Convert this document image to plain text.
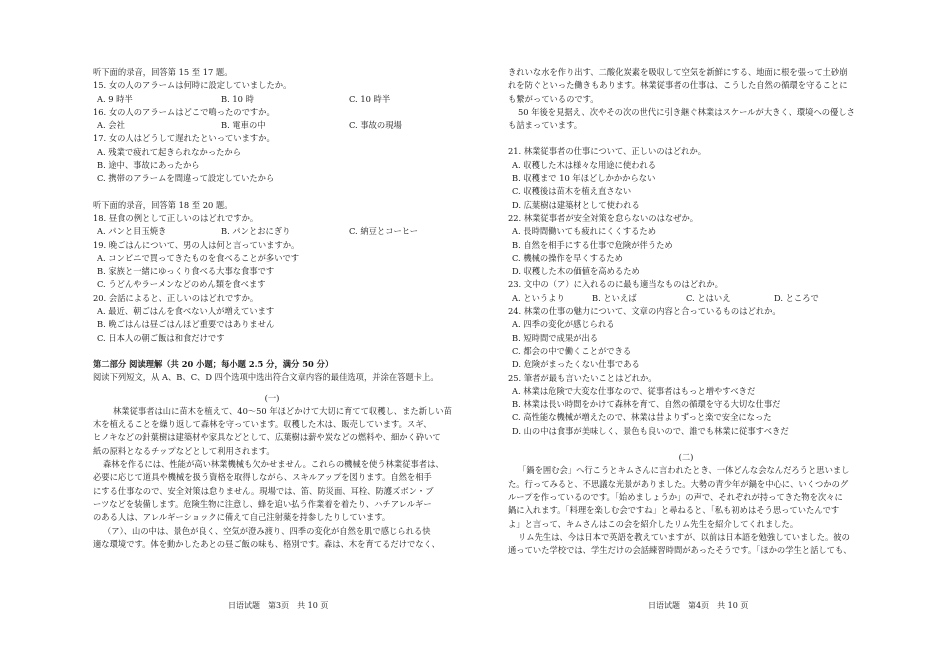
听下面的录音，回答第 15 至 17 题。
15. 女の人のアラームは何時に設定していましたか。
A. 9 時半	B. 10 時	C. 10 時半
16. 女の人のアラームはどこで鳴ったのですか。
A. 会社	B. 電車の中	C. 事故の現場
17. 女の人はどうして遅れたといっていますか。
A. 残業で疲れて起きられなかったから
B. 途中、事故にあったから
C. 携帯のアラームを間違って設定していたから
听下面的录音，回答第 18 至 20 题。
18. 昼食の例として正しいのはどれですか。
A. パンと目玉焼き	B. パンとおにぎり	C. 納豆とコーヒー
19. 晩ごはんについて、男の人は何と言っていますか。
A. コンビニで買ってきたものを食べることが多いです
B. 家族と一緒にゆっくり食べる大事な食事です
C. うどんやラーメンなどのめん類を食べます
20. 会話によると、正しいのはどれですか。
A. 最近、朝ごはんを食べない人が増えています
B. 晩ごはんは昼ごはんほど重要ではありません
C. 日本人の朝ご飯は和食だけです
第二部分 阅读理解（共 20 小题；每小题 2.5 分，满分 50 分）
阅读下列短文，从 A、B、C、D 四个选项中选出符合文章内容的最佳选项，并涂在答题卡上。
(一)
林業従事者は山に苗木を植えて、40～50 年ほどかけて大切に育てて収穫し、また新しい苗
木を植えることを繰り返して森林を守っています。収穫した木は、販売しています。スギ、
ヒノキなどの針葉樹は建築材や家具などとして、広葉樹は薪や炭などの燃料や、細かく砕いて
紙の原料となるチップなどとして利用されます。
森林を作るには、性能が高い林業機械も欠かせません。これらの機械を使う林業従事者は、
必要に応じて道具や機械を扱う資格を取得しながら、スキルアップを図ります。自然を相手
にする仕事なので、安全対策は怠りません。現場では、笛、防災面、耳栓、防護ズボン・ブ
ーツなどを装備します。危険生物に注意し、蜂を追い払う作業着を着たり、ハチアレルギー
のある人は、アレルギーショックに備えて自己注射薬を持参したりしています。
（ア）、山の中は、景色が良く、空気が澄み渡り、四季の変化が自然を肌で感じられる快
適な環境です。体を動かしたあとの昼ご飯の味も、格別です。森は、木を育てるだけでなく、
きれいな水を作り出す、二酸化炭素を吸収して空気を新鮮にする、地面に根を張って土砂崩
れを防ぐといった働きもあります。林業従事者の仕事は、こうした自然の循環を守ることに
も繋がっているのです。
50 年後を見据え、次やその次の世代に引き継ぐ林業はスケールが大きく、環境への優しさ
も詰まっています。
21. 林業従事者の仕事について、正しいのはどれか。
A. 収穫した木は様々な用途に使われる
B. 収穫まで 10 年ほどしかかからない
C. 収穫後は苗木を植え直さない
D. 広葉樹は建築材として使われる
22. 林業従事者が安全対策を怠らないのはなぜか。
A. 長時間働いても疲れにくくするため
B. 自然を相手にする仕事で危険が伴うため
C. 機械の操作を早くするため
D. 収穫した木の価値を高めるため
23. 文中の（ア）に入れるのに最も適当なものはどれか。
A. というより	B. といえば	C. とはいえ	D. ところで
24. 林業の仕事の魅力について、文章の内容と合っているものはどれか。
A. 四季の変化が感じられる
B. 短時間で成果が出る
C. 都会の中で働くことができる
D. 危険がまったくない仕事である
25. 筆者が最も言いたいことはどれか。
A. 林業は危険で大変な仕事なので、従事者はもっと増やすべきだ
B. 林業は長い時間をかけて森林を育て、自然の循環を守る大切な仕事だ
C. 高性能な機械が増えたので、林業は昔よりずっと楽で安全になった
D. 山の中は食事が美味しく、景色も良いので、誰でも林業に従事すべきだ
(二)
「鍋を囲む会」へ行こうとキムさんに言われたとき、一体どんな会なんだろうと思いまし
た。行ってみると、不思議な光景がありました。大勢の青少年が鍋を中心に、いくつかのグ
ループを作っているのです。「始めましょうか」の声で、それぞれが持ってきた物を次々に
鍋に入れます。「料理を楽しむ会ですね」と尋ねると、「私も初めはそう思っていたんです
よ」と言って、キムさんはこの会を紹介したリム先生を紹介してくれました。
リム先生は、今は日本で英語を教えていますが、以前は日本語を勉強していました。彼の
通っていた学校では、学生だけの会話練習時間があったそうです。「ほかの学生と話しても、
日语试题　第3页　共 10 页	日语试题　第4页　共 10 页
